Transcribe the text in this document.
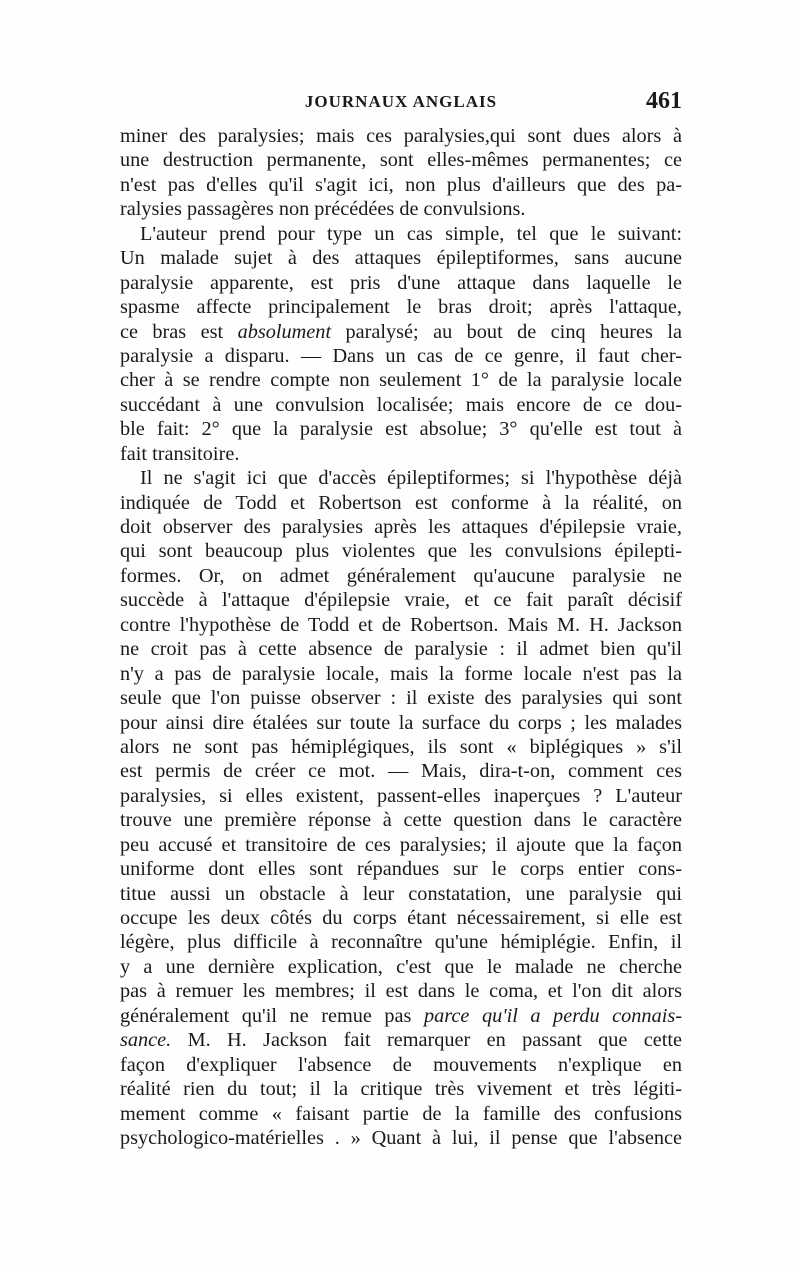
JOURNAUX ANGLAIS	461
miner des paralysies; mais ces paralysies,qui sont dues alors à
une destruction permanente, sont elles-mêmes permanentes; ce
n'est pas d'elles qu'il s'agit ici, non plus d'ailleurs que des pa-
ralysies passagères non précédées de convulsions.
L'auteur prend pour type un cas simple, tel que le suivant:
Un malade sujet à des attaques épileptiformes, sans aucune
paralysie apparente, est pris d'une attaque dans laquelle le
spasme affecte principalement le bras droit; après l'attaque,
ce bras est absolument paralysé; au bout de cinq heures la
paralysie a disparu. — Dans un cas de ce genre, il faut cher-
cher à se rendre compte non seulement 1° de la paralysie locale
succédant à une convulsion localisée; mais encore de ce dou-
ble fait: 2° que la paralysie est absolue; 3° qu'elle est tout à
fait transitoire.
Il ne s'agit ici que d'accès épileptiformes; si l'hypothèse déjà
indiquée de Todd et Robertson est conforme à la réalité, on
doit observer des paralysies après les attaques d'épilepsie vraie,
qui sont beaucoup plus violentes que les convulsions épilepti-
formes. Or, on admet généralement qu'aucune paralysie ne
succède à l'attaque d'épilepsie vraie, et ce fait paraît décisif
contre l'hypothèse de Todd et de Robertson. Mais M. H. Jackson
ne croit pas à cette absence de paralysie : il admet bien qu'il
n'y a pas de paralysie locale, mais la forme locale n'est pas la
seule que l'on puisse observer : il existe des paralysies qui sont
pour ainsi dire étalées sur toute la surface du corps ; les malades
alors ne sont pas hémiplégiques, ils sont « biplégiques » s'il
est permis de créer ce mot. — Mais, dira-t-on, comment ces
paralysies, si elles existent, passent-elles inaperçues ? L'auteur
trouve une première réponse à cette question dans le caractère
peu accusé et transitoire de ces paralysies; il ajoute que la façon
uniforme dont elles sont répandues sur le corps entier cons-
titue aussi un obstacle à leur constatation, une paralysie qui
occupe les deux côtés du corps étant nécessairement, si elle est
légère, plus difficile à reconnaître qu'une hémiplégie. Enfin, il
y a une dernière explication, c'est que le malade ne cherche
pas à remuer les membres; il est dans le coma, et l'on dit alors
généralement qu'il ne remue pas parce qu'il a perdu connais-
sance. M. H. Jackson fait remarquer en passant que cette
façon d'expliquer l'absence de mouvements n'explique en
réalité rien du tout; il la critique très vivement et très légiti-
mement comme « faisant partie de la famille des confusions
psychologico-matérielles . » Quant à lui, il pense que l'absence
